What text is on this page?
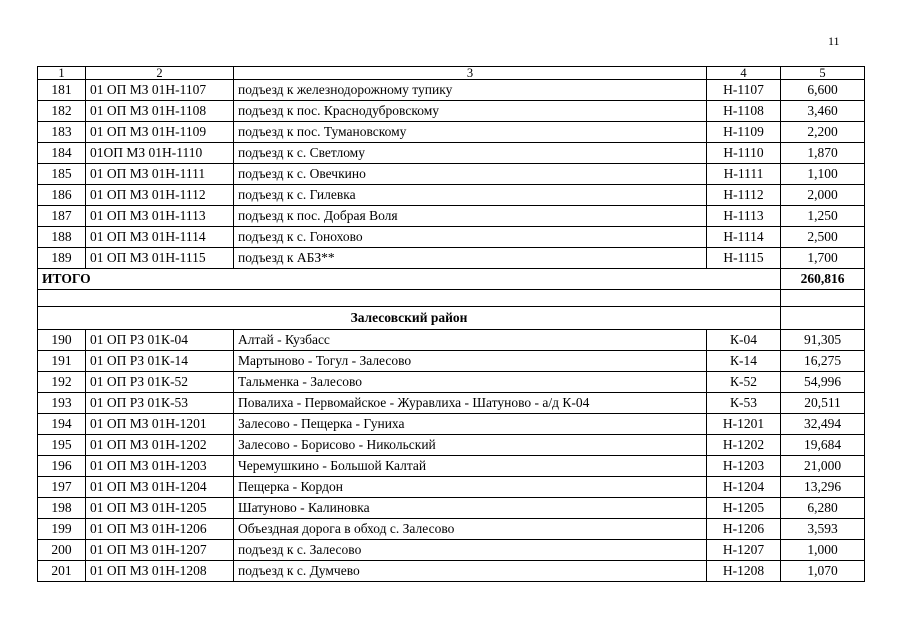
11
1	2	3	4	5
181	01 ОП МЗ 01Н-1107	подъезд к железнодорожному тупику	Н-1107	6,600
182	01 ОП МЗ 01Н-1108	подъезд к пос. Краснодубровскому	Н-1108	3,460
183	01 ОП МЗ 01Н-1109	подъезд к пос. Тумановскому	Н-1109	2,200
184	01ОП МЗ 01Н-1110	подъезд к с. Светлому	Н-1110	1,870
185	01 ОП МЗ 01Н-1111	подъезд к с. Овечкино	Н-1111	1,100
186	01 ОП МЗ 01Н-1112	подъезд к с. Гилевка	Н-1112	2,000
187	01 ОП МЗ 01Н-1113	подъезд к пос. Добрая Воля	Н-1113	1,250
188	01 ОП МЗ 01Н-1114	подъезд к с. Гонохово	Н-1114	2,500
189	01 ОП МЗ 01Н-1115	подъезд к АБЗ**	Н-1115	1,700
ИТОГО				260,816

Залесовский район				
190	01 ОП РЗ 01К-04	Алтай - Кузбасс	К-04	91,305
191	01 ОП РЗ 01К-14	Мартыново - Тогул - Залесово	К-14	16,275
192	01 ОП РЗ 01К-52	Тальменка - Залесово	К-52	54,996
193	01 ОП РЗ 01К-53	Повалиха - Первомайское - Журавлиха - Шатуново - а/д К-04	К-53	20,511
194	01 ОП МЗ 01Н-1201	Залесово - Пещерка - Гуниха	Н-1201	32,494
195	01 ОП МЗ 01Н-1202	Залесово - Борисово - Никольский	Н-1202	19,684
196	01 ОП МЗ 01Н-1203	Черемушкино - Большой Калтай	Н-1203	21,000
197	01 ОП МЗ 01Н-1204	Пещерка - Кордон	Н-1204	13,296
198	01 ОП МЗ 01Н-1205	Шатуново - Калиновка	Н-1205	6,280
199	01 ОП МЗ 01Н-1206	Объездная дорога в обход с. Залесово	Н-1206	3,593
200	01 ОП МЗ 01Н-1207	подъезд к с. Залесово	Н-1207	1,000
201	01 ОП МЗ 01Н-1208	подъезд к с. Думчево	Н-1208	1,070
